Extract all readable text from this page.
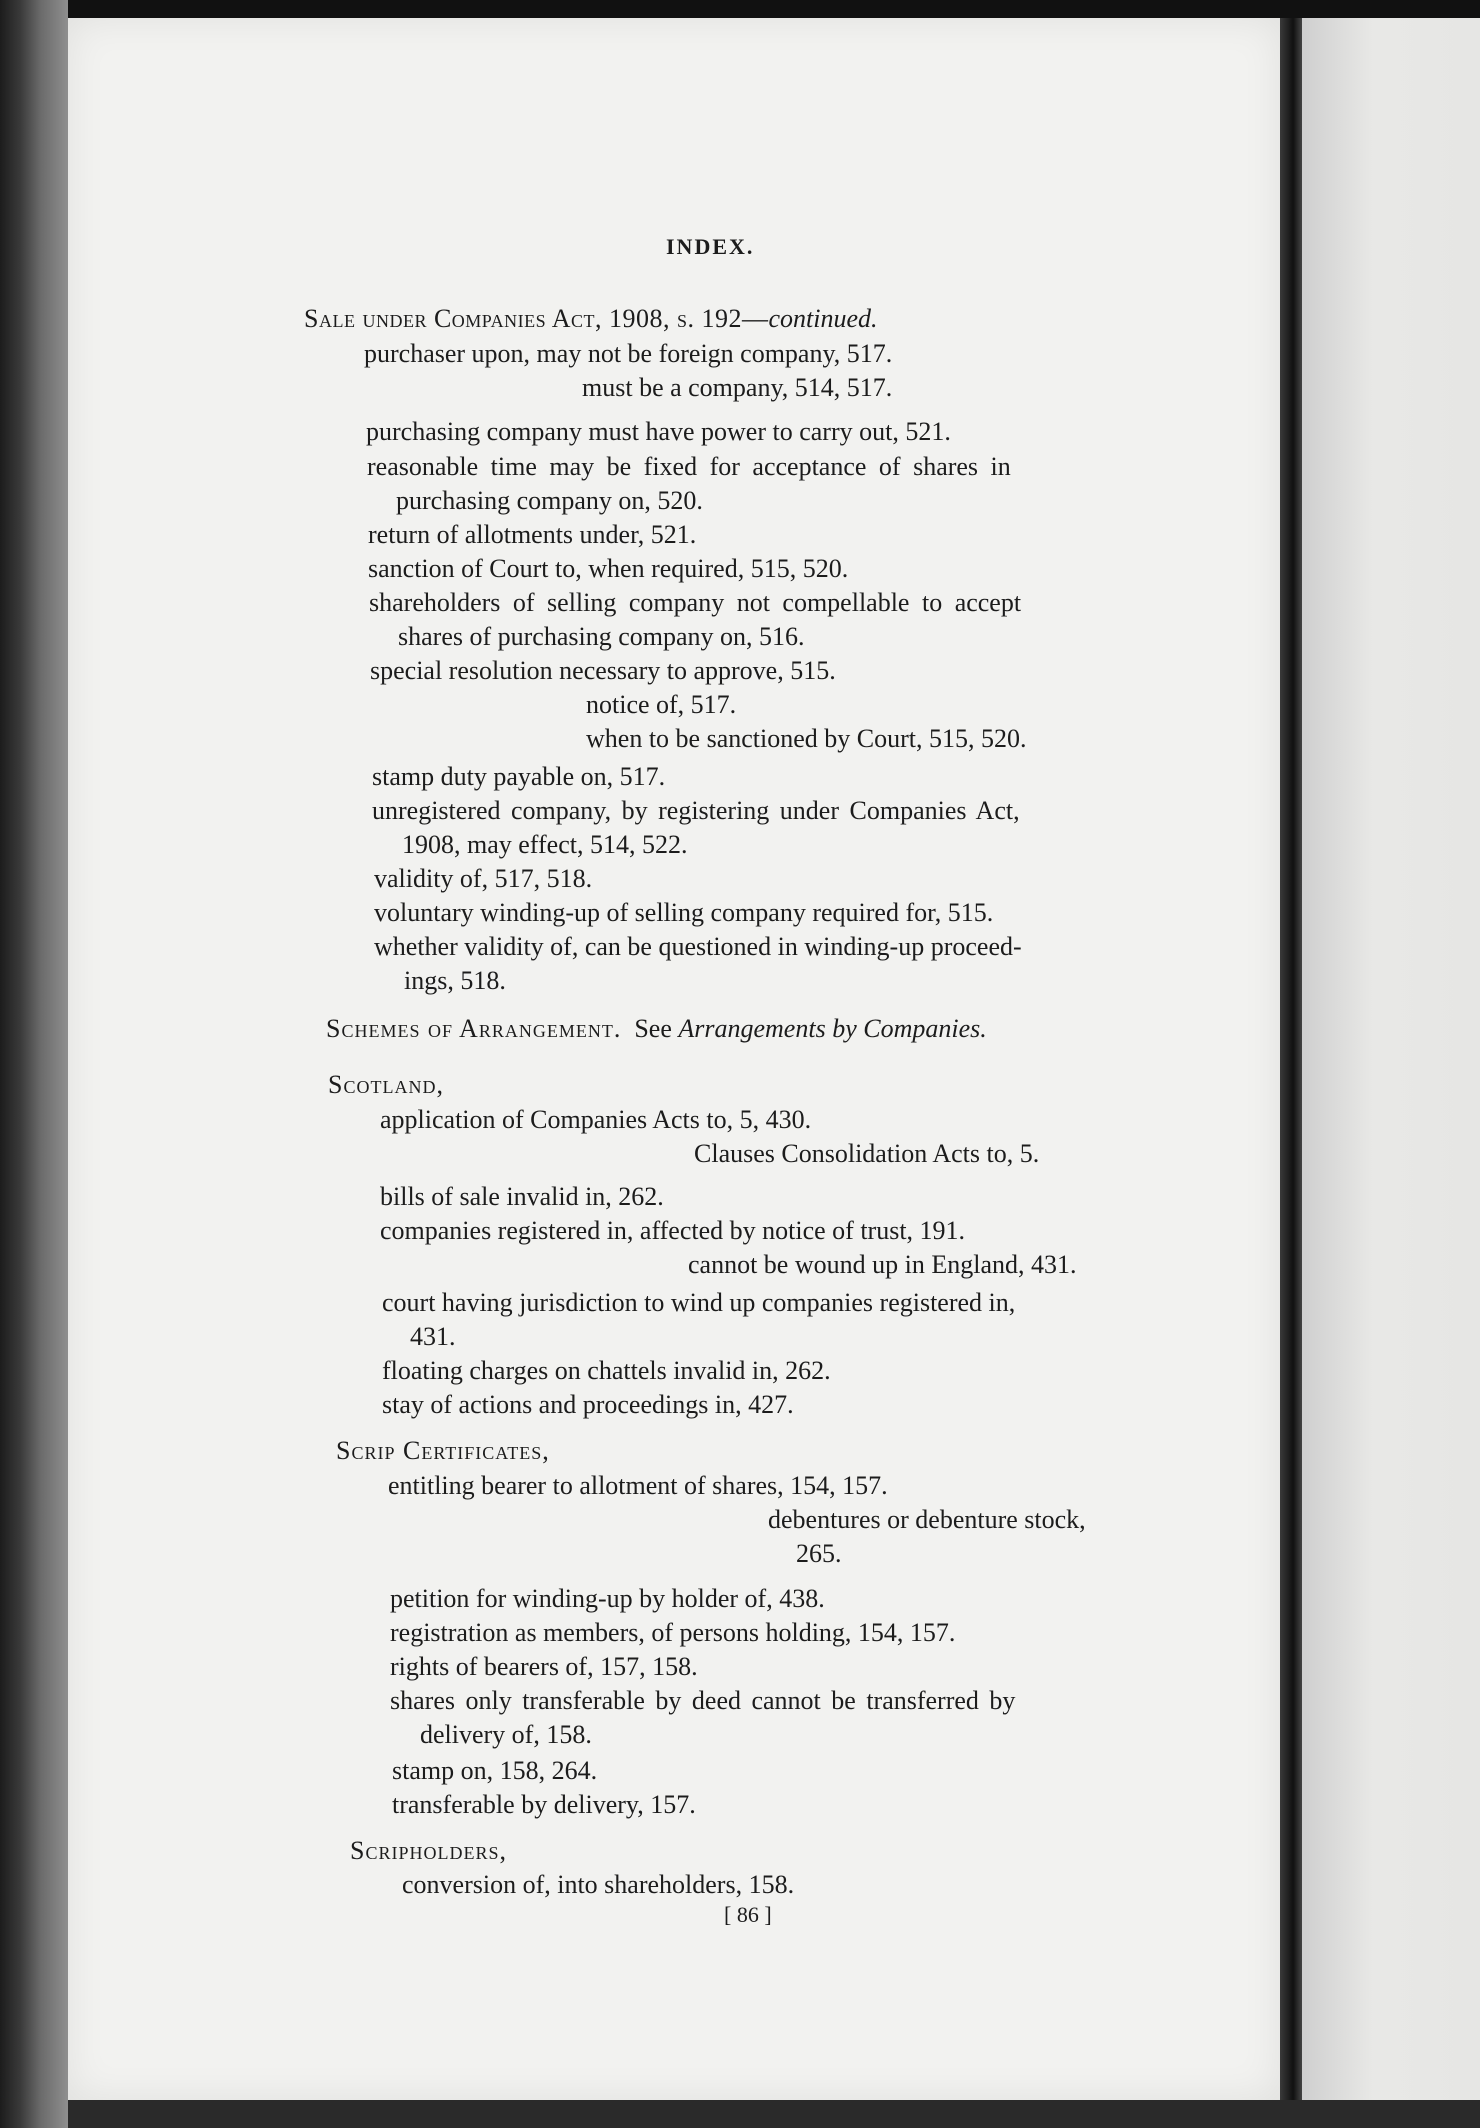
INDEX.
Sale under Companies Act, 1908, s. 192—continued.
purchaser upon, may not be foreign company, 517.
must be a company, 514, 517.
purchasing company must have power to carry out, 521.
reasonable time may be fixed for acceptance of shares in
purchasing company on, 520.
return of allotments under, 521.
sanction of Court to, when required, 515, 520.
shareholders of selling company not compellable to accept
shares of purchasing company on, 516.
special resolution necessary to approve, 515.
notice of, 517.
when to be sanctioned by Court, 515, 520.
stamp duty payable on, 517.
unregistered company, by registering under Companies Act,
1908, may effect, 514, 522.
validity of, 517, 518.
voluntary winding-up of selling company required for, 515.
whether validity of, can be questioned in winding-up proceed-
ings, 518.
Schemes of Arrangement.  See Arrangements by Companies.
Scotland,
application of Companies Acts to, 5, 430.
Clauses Consolidation Acts to, 5.
bills of sale invalid in, 262.
companies registered in, affected by notice of trust, 191.
cannot be wound up in England, 431.
court having jurisdiction to wind up companies registered in,
431.
floating charges on chattels invalid in, 262.
stay of actions and proceedings in, 427.
Scrip Certificates,
entitling bearer to allotment of shares, 154, 157.
debentures or debenture stock,
265.
petition for winding-up by holder of, 438.
registration as members, of persons holding, 154, 157.
rights of bearers of, 157, 158.
shares only transferable by deed cannot be transferred by
delivery of, 158.
stamp on, 158, 264.
transferable by delivery, 157.
Scripholders,
conversion of, into shareholders, 158.
[ 86 ]
